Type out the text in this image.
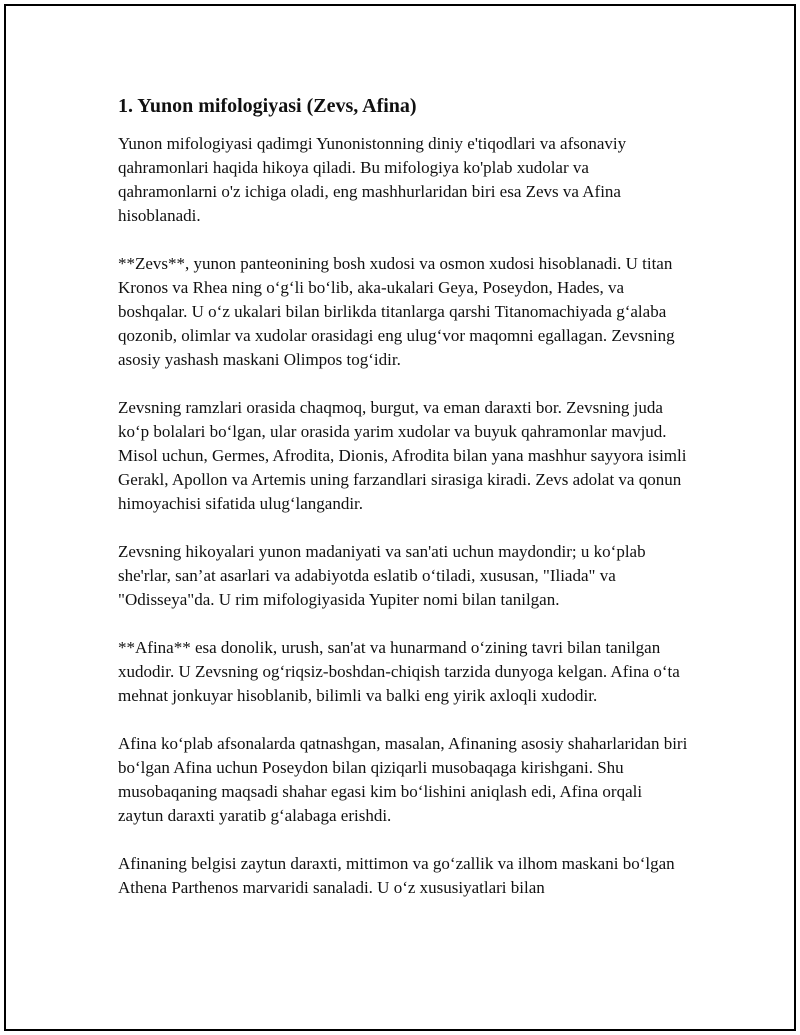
1. Yunon mifologiyasi (Zevs, Afina)

Yunon mifologiyasi qadimgi Yunonistonning diniy e'tiqodlari va afsonaviy qahramonlari haqida hikoya qiladi. Bu mifologiya ko'plab xudolar va qahramonlarni o'z ichiga oladi, eng mashhurlaridan biri esa Zevs va Afina hisoblanadi.

**Zevs**, yunon panteonining bosh xudosi va osmon xudosi hisoblanadi. U titan Kronos va Rhea ning o‘g‘li bo‘lib, aka-ukalari Geya, Poseydon, Hades, va boshqalar. U o‘z ukalari bilan birlikda titanlarga qarshi Titanomachiyada g‘alaba qozonib, olimlar va xudolar orasidagi eng ulug‘vor maqomni egallagan. Zevsning asosiy yashash maskani Olimpos tog‘idir.

Zevsning ramzlari orasida chaqmoq, burgut, va eman daraxti bor. Zevsning juda ko‘p bolalari bo‘lgan, ular orasida yarim xudolar va buyuk qahramonlar mavjud. Misol uchun, Germes, Afrodita, Dionis, Afrodita bilan yana mashhur sayyora isimli Gerakl, Apollon va Artemis uning farzandlari sirasiga kiradi. Zevs adolat va qonun himoyachisi sifatida ulug‘langandir.

Zevsning hikoyalari yunon madaniyati va san'ati uchun maydondir; u ko‘plab she'rlar, san’at asarlari va adabiyotda eslatib o‘tiladi, xususan, "Iliada" va "Odisseya"da. U rim mifologiyasida Yupiter nomi bilan tanilgan.

**Afina** esa donolik, urush, san'at va hunarmand o‘zining tavri bilan tanilgan xudodir. U Zevsning og‘riqsiz-boshdan-chiqish tarzida dunyoga kelgan. Afina o‘ta mehnat jonkuyar hisoblanib, bilimli va balki eng yirik axloqli xudodir.

Afina ko‘plab afsonalarda qatnashgan, masalan, Afinaning asosiy shaharlaridan biri bo‘lgan Afina uchun Poseydon bilan qiziqarli musobaqaga kirishgani. Shu musobaqaning maqsadi shahar egasi kim bo‘lishini aniqlash edi, Afina orqali zaytun daraxti yaratib g‘alabaga erishdi.

Afinaning belgisi zaytun daraxti, mittimon va go‘zallik va ilhom maskani bo‘lgan Athena Parthenos marvaridi sanaladi. U o‘z xususiyatlari bilan
